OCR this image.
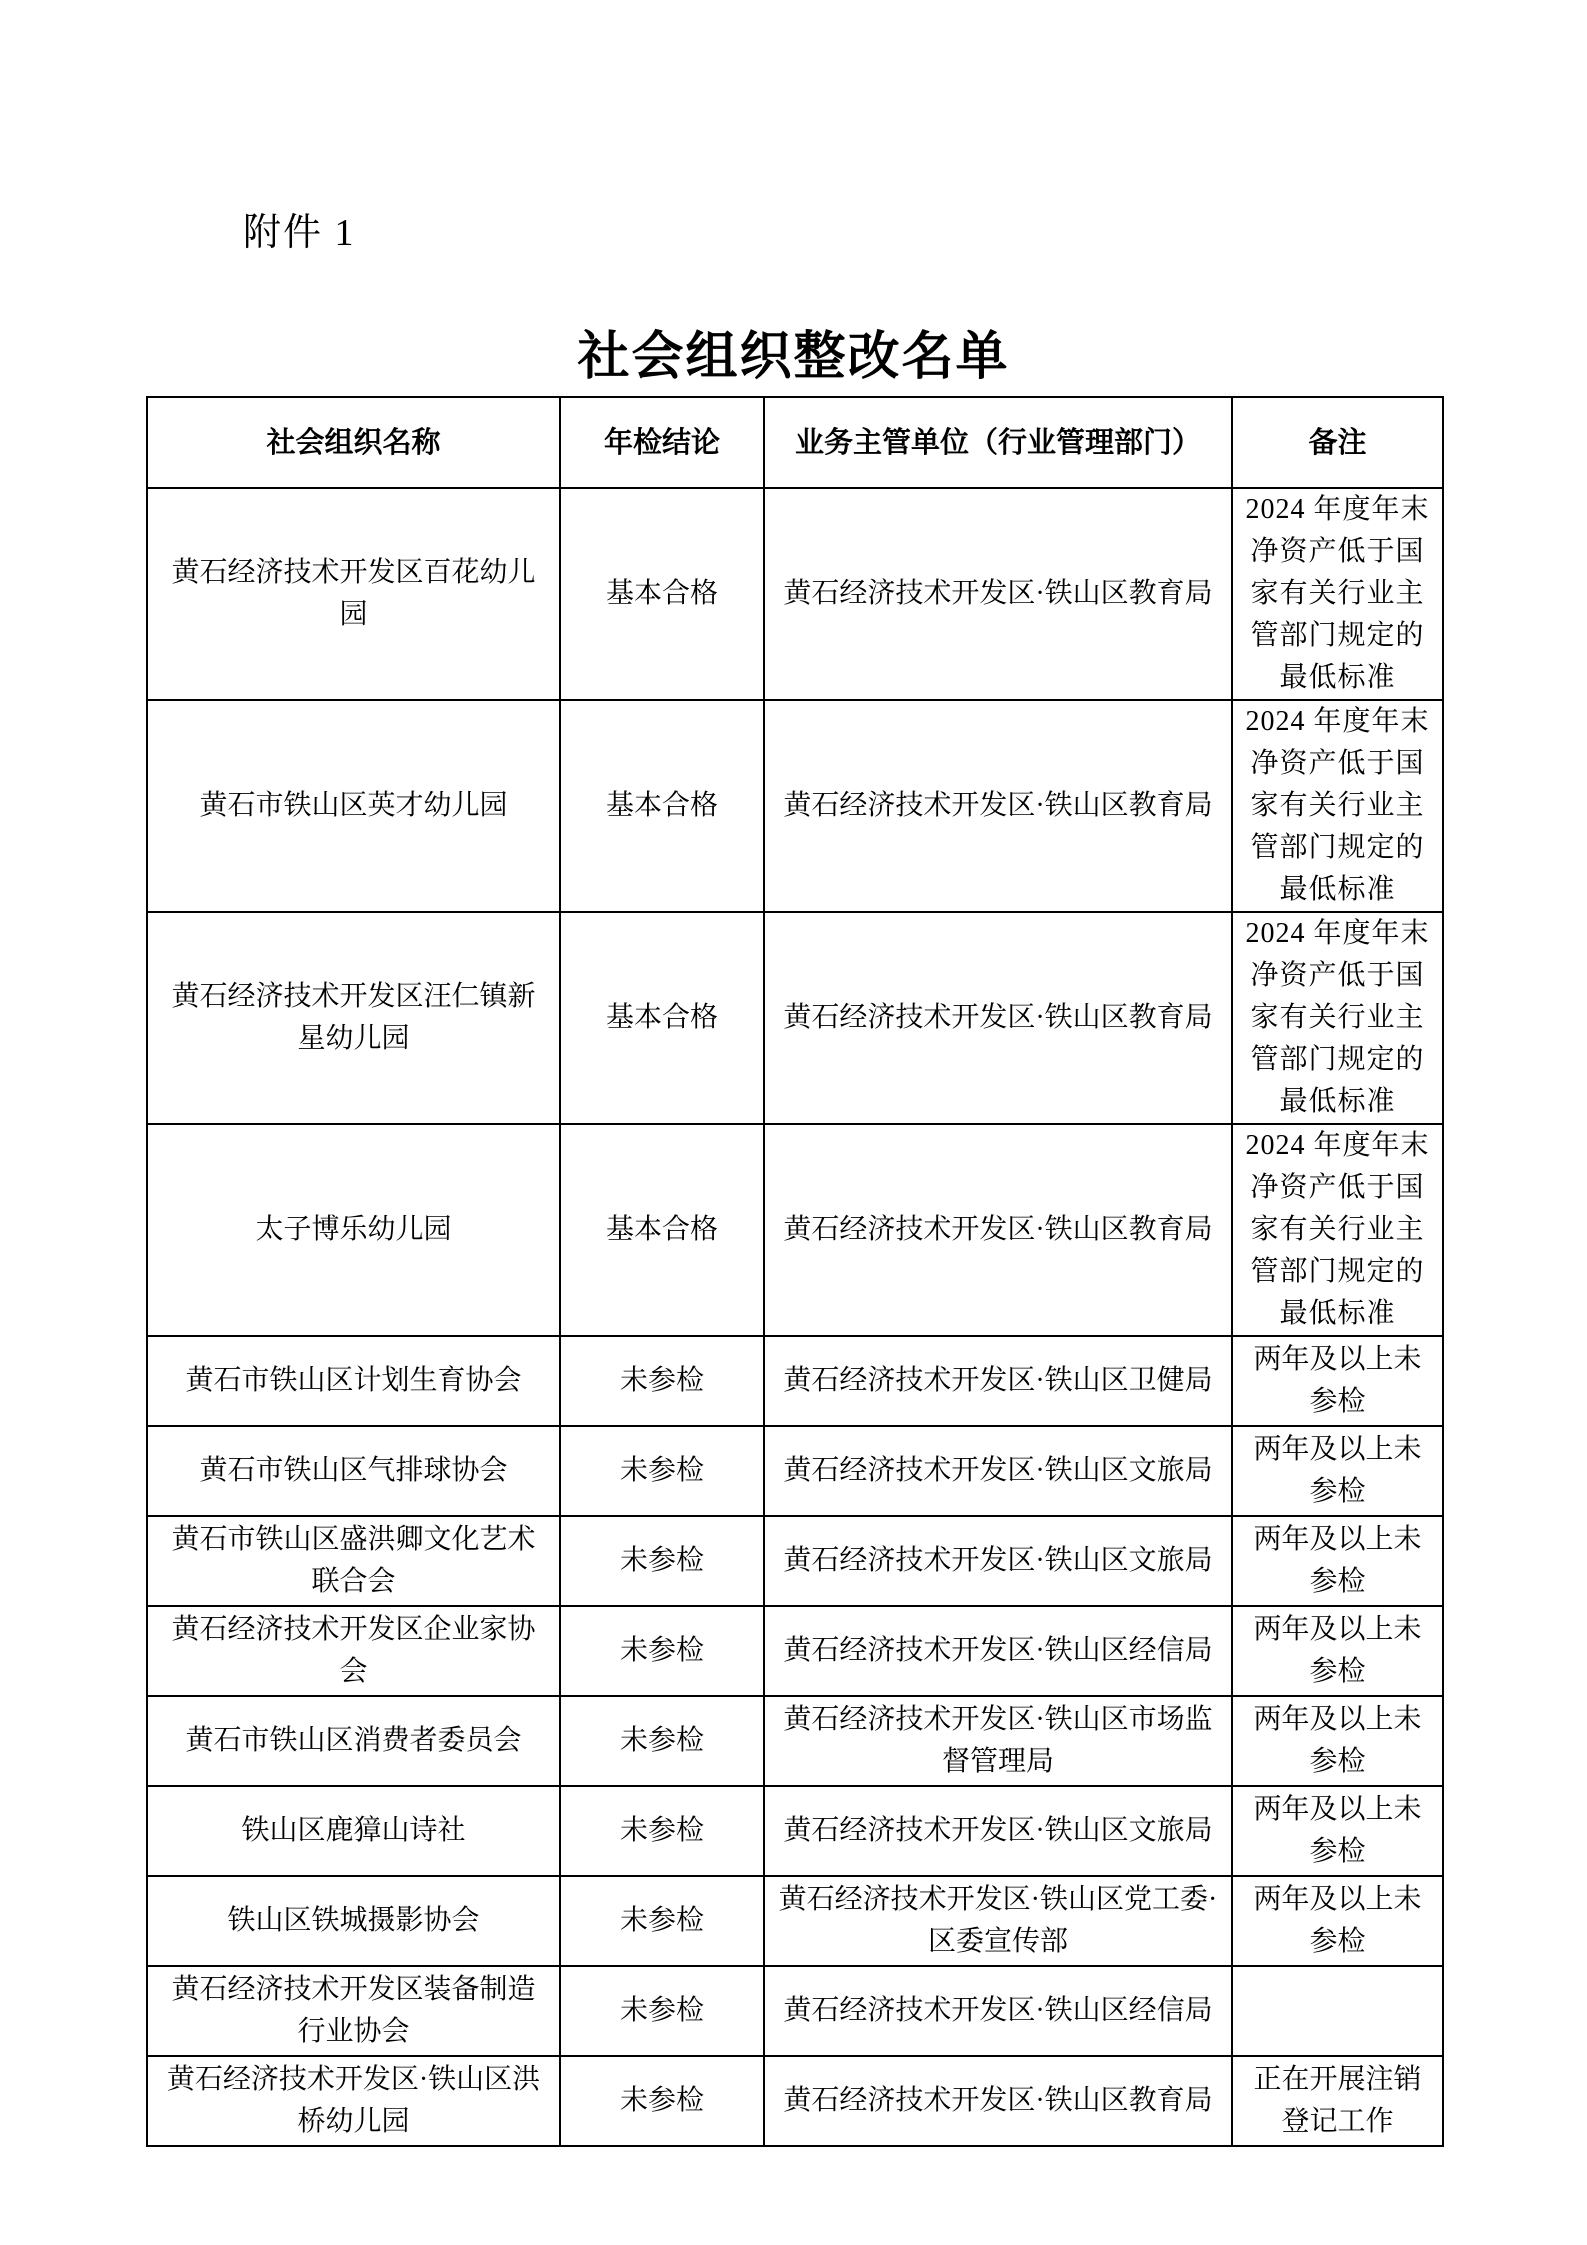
附件 1
社会组织整改名单
社会组织名称	年检结论	业务主管单位（行业管理部门）	备注
黄石经济技术开发区百花幼儿园	基本合格	黄石经济技术开发区·铁山区教育局	2024 年度年末净资产低于国家有关行业主管部门规定的最低标准
黄石市铁山区英才幼儿园	基本合格	黄石经济技术开发区·铁山区教育局	2024 年度年末净资产低于国家有关行业主管部门规定的最低标准
黄石经济技术开发区汪仁镇新星幼儿园	基本合格	黄石经济技术开发区·铁山区教育局	2024 年度年末净资产低于国家有关行业主管部门规定的最低标准
太子博乐幼儿园	基本合格	黄石经济技术开发区·铁山区教育局	2024 年度年末净资产低于国家有关行业主管部门规定的最低标准
黄石市铁山区计划生育协会	未参检	黄石经济技术开发区·铁山区卫健局	两年及以上未参检
黄石市铁山区气排球协会	未参检	黄石经济技术开发区·铁山区文旅局	两年及以上未参检
黄石市铁山区盛洪卿文化艺术联合会	未参检	黄石经济技术开发区·铁山区文旅局	两年及以上未参检
黄石经济技术开发区企业家协会	未参检	黄石经济技术开发区·铁山区经信局	两年及以上未参检
黄石市铁山区消费者委员会	未参检	黄石经济技术开发区·铁山区市场监督管理局	两年及以上未参检
铁山区鹿獐山诗社	未参检	黄石经济技术开发区·铁山区文旅局	两年及以上未参检
铁山区铁城摄影协会	未参检	黄石经济技术开发区·铁山区党工委·区委宣传部	两年及以上未参检
黄石经济技术开发区装备制造行业协会	未参检	黄石经济技术开发区·铁山区经信局	
黄石经济技术开发区·铁山区洪桥幼儿园	未参检	黄石经济技术开发区·铁山区教育局	正在开展注销登记工作
